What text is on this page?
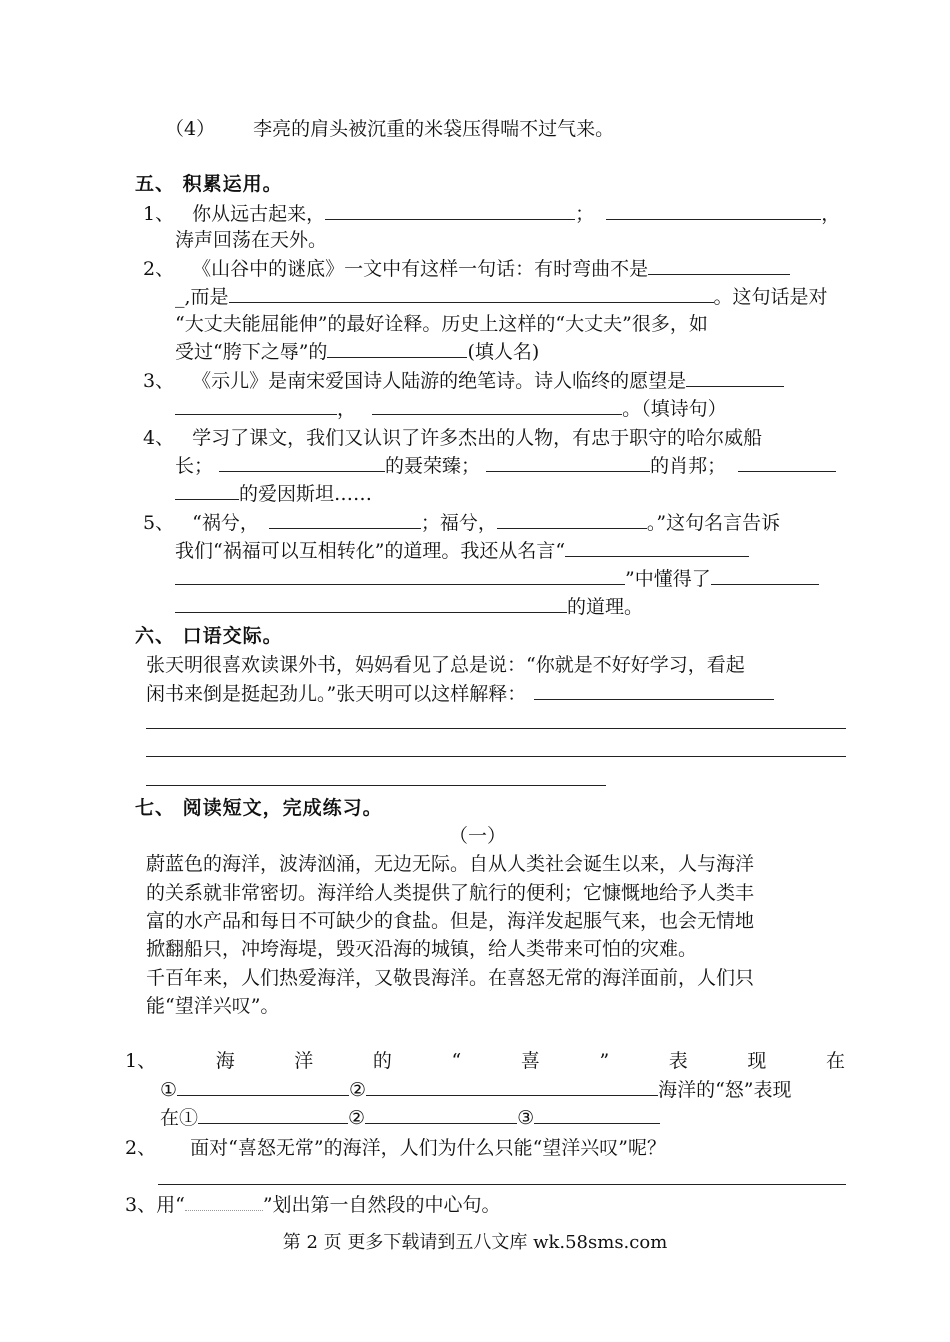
（4） 李亮的肩头被沉重的米袋压得喘不过气来。
五、 积累运用。
1、 你从远古起来，	；	，
涛声回荡在天外。
2、 《山谷中的谜底》一文中有这样一句话：有时弯曲不是
_,而是	。这句话是对
“大丈夫能屈能伸”的最好诠释。历史上这样的“大丈夫”很多，如
受过“胯下之辱”的	(填人名)
3、 《示儿》是南宋爱国诗人陆游的绝笔诗。诗人临终的愿望是
，	。（填诗句）
4、 学习了课文，我们又认识了许多杰出的人物，有忠于职守的哈尔威船
长；	的聂荣臻；	的肖邦；
的爱因斯坦……
5、 “祸兮，	；福兮，	。”这句名言告诉
我们“祸福可以互相转化”的道理。我还从名言“
”中懂得了
的道理。
六、 口语交际。
张天明很喜欢读课外书，妈妈看见了总是说：“你就是不好好学习，看起
闲书来倒是挺起劲儿。”张天明可以这样解释：
七、 阅读短文，完成练习。
（一）
蔚蓝色的海洋，波涛汹涌，无边无际。自从人类社会诞生以来，人与海洋
的关系就非常密切。海洋给人类提供了航行的便利；它慷慨地给予人类丰
富的水产品和每日不可缺少的食盐。但是，海洋发起脹气来，也会无情地
掀翻船只，冲垮海堤，毁灭沿海的城镇，给人类带来可怕的灾难。
千百年来，人们热爱海洋，又敬畏海洋。在喜怒无常的海洋面前，人们只
能“望洋兴叹”。
1、	海	洋	的	“	喜	”	表	现	在
①	②	海洋的“怒”表现
在①	②	③
2、 面对“喜怒无常”的海洋，人们为什么只能“望洋兴叹”呢？
3、用“	”划出第一自然段的中心句。
第 2 页 更多下载请到五八文库 wk.58sms.com
